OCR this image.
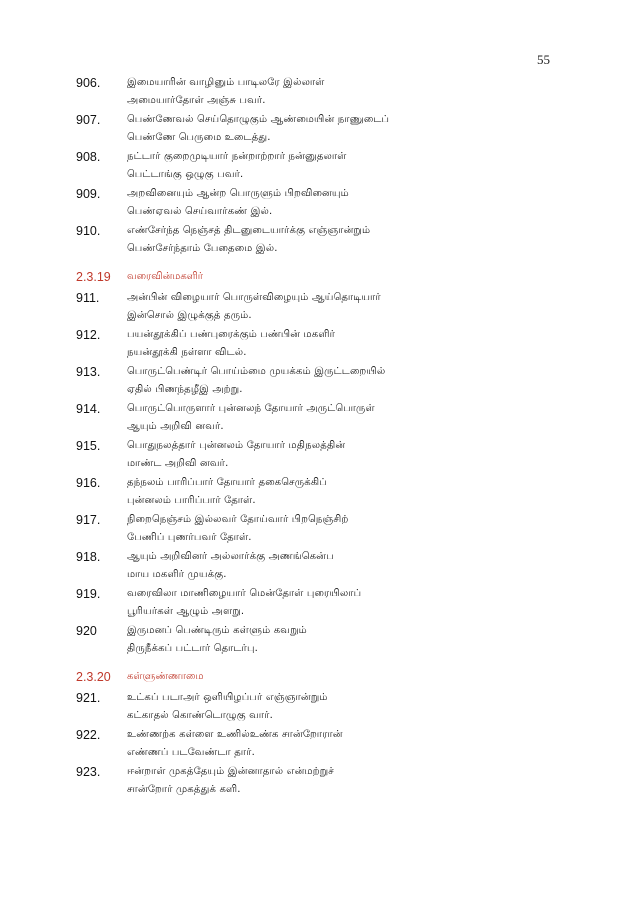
55
906.	இமையாரின் வாழினும் பாடிலரே இல்லாள்
அமையார்தோள் அஞ்சு பவர்.
907.	பெண்ணேவல் செய்தொழுகும் ஆண்மையின் நாணுடைப்
பெண்ணே பெருமை உடைத்து.
908.	நட்டார் குறைமுடியார் நன்றாற்றார் நன்னுதலாள்
பெட்டாங்கு ஒழுகு பவர்.
909.	அறவினையும் ஆன்ற பொருளும் பிறவினையும்
பெண்ஏவல் செய்வார்கண் இல்.
910.	எண்சேர்ந்த நெஞ்சத் திடனுடையார்க்கு எஞ்ஞான்றும்
பெண்சேர்ந்தாம் பேதைமை இல்.
2.3.19 வரைவின்மகளிர்
911.	அன்பின் விழையார் பொருள்விழையும் ஆய்தொடியார்
இன்சொல் இழுக்குத் தரும்.
912.	பயன்தூக்கிப் பண்புரைக்கும் பண்பின் மகளிர்
நயன்தூக்கி நள்ளா விடல்.
913.	பொருட்பெண்டிர் பொய்ம்மை முயக்கம் இருட்டறையில்
ஏதில் பிணந்தழீஇ அற்று.
914.	பொருட்பொருளார் புன்னலந் தோயார் அருட்பொருள்
ஆயும் அறிவி னவர்.
915.	பொதுநலத்தார் புன்னலம் தோயார் மதிநலத்தின்
மாண்ட அறிவி னவர்.
916.	தந்நலம் பாரிப்பார் தோயார் தகைசெருக்கிப்
புன்னலம் பாரிப்பார் தோள்.
917.	நிறைநெஞ்சம் இல்லவர் தோய்வார் பிறநெஞ்சிற்
பேணிப் புணர்பவர் தோள்.
918.	ஆயும் அறிவினர் அல்லார்க்கு அணங்கென்ப
மாய மகளிர் முயக்கு.
919.	வரைவிலா மாணிழையார் மென்தோள் புரையிலாப்
பூரியர்கள் ஆழும் அளறு.
920	இருமனப் பெண்டிரும் கள்ளும் கவறும்
திருநீக்கப் பட்டார் தொடர்பு.
2.3.20 கள்ளுண்ணாமை
921.	உட்கப் படாஅர் ஒளியிழப்பர் எஞ்ஞான்றும்
கட்காதல் கொண்டொழுகு வார்.
922.	உண்ணற்க கள்ளை உணில்உண்க சான்றோரான்
எண்ணப் படவேண்டா தார்.
923.	ஈன்றாள் முகத்தேயும் இன்னாதால் என்மற்றுச்
சான்றோர் முகத்துக் களி.
